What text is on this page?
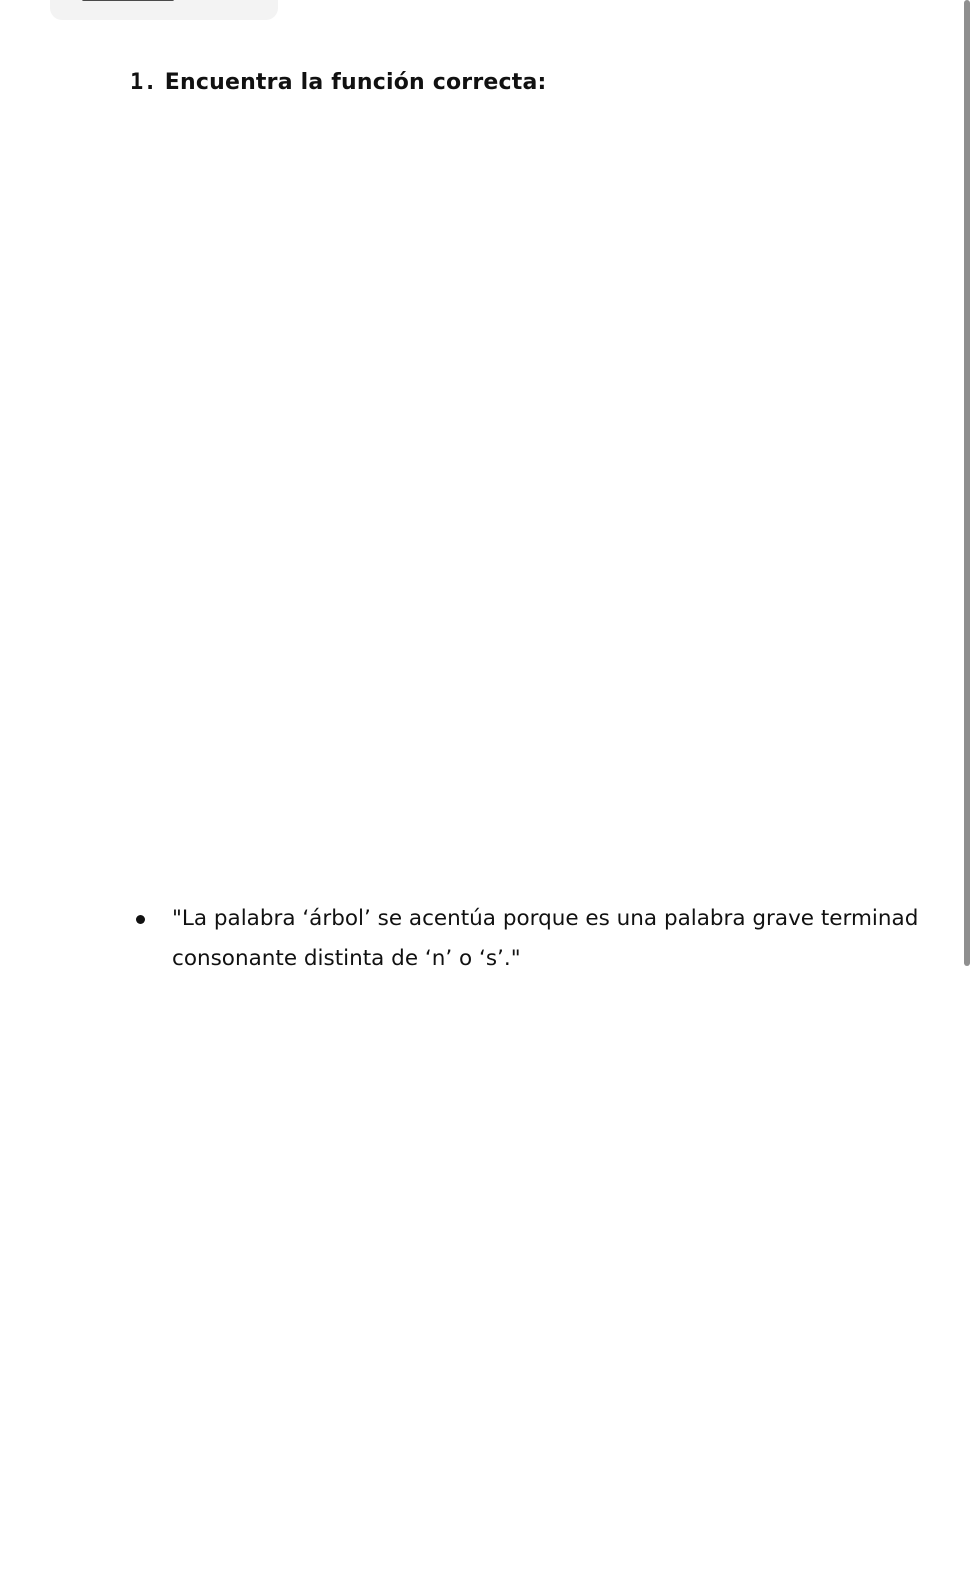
1. Encuentra la función correcta:
"La palabra ‘árbol’ se acentúa porque es una palabra grave terminad
consonante distinta de ‘n’ o ‘s’."
